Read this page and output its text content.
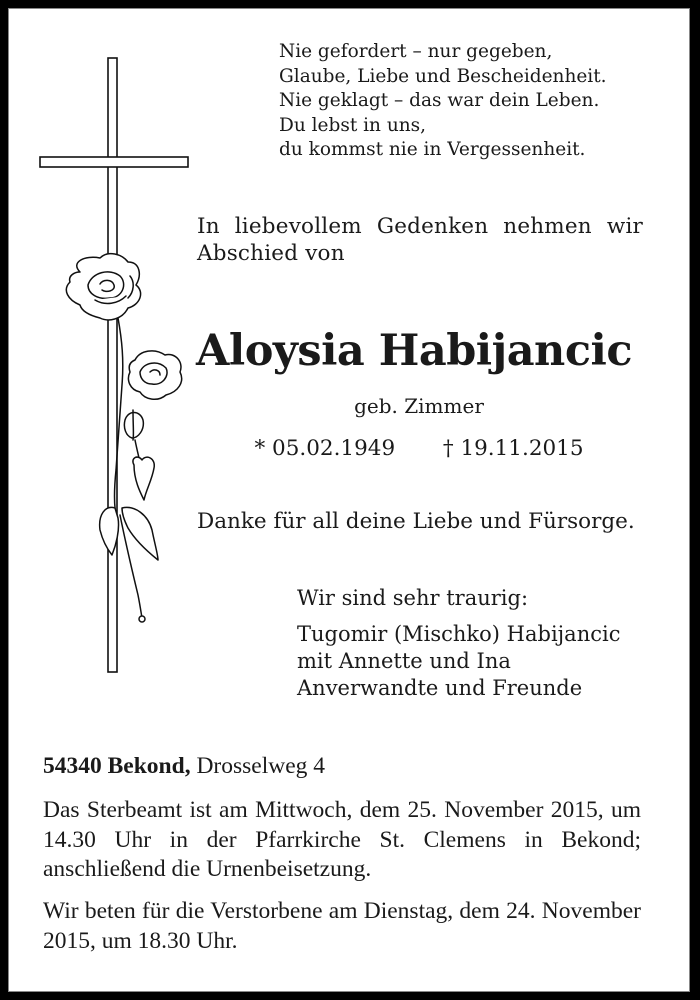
Nie gefordert – nur gegeben,
Glaube, Liebe und Bescheidenheit.
Nie geklagt – das war dein Leben.
Du lebst in uns,
du kommst nie in Vergessenheit.
In liebevollem Gedenken nehmen wir Abschied von
Aloysia Habijancic
geb. Zimmer
* 05.02.1949 † 19.11.2015
Danke für all deine Liebe und Fürsorge.
Wir sind sehr traurig:
Tugomir (Mischko) Habijancic
mit Annette und Ina
Anverwandte und Freunde
54340 Bekond, Drosselweg 4
Das Sterbeamt ist am Mittwoch, dem 25. November 2015, um 14.30 Uhr in der Pfarrkirche St. Clemens in Bekond; anschließend die Urnenbeisetzung.
Wir beten für die Verstorbene am Dienstag, dem 24. November 2015, um 18.30 Uhr.
